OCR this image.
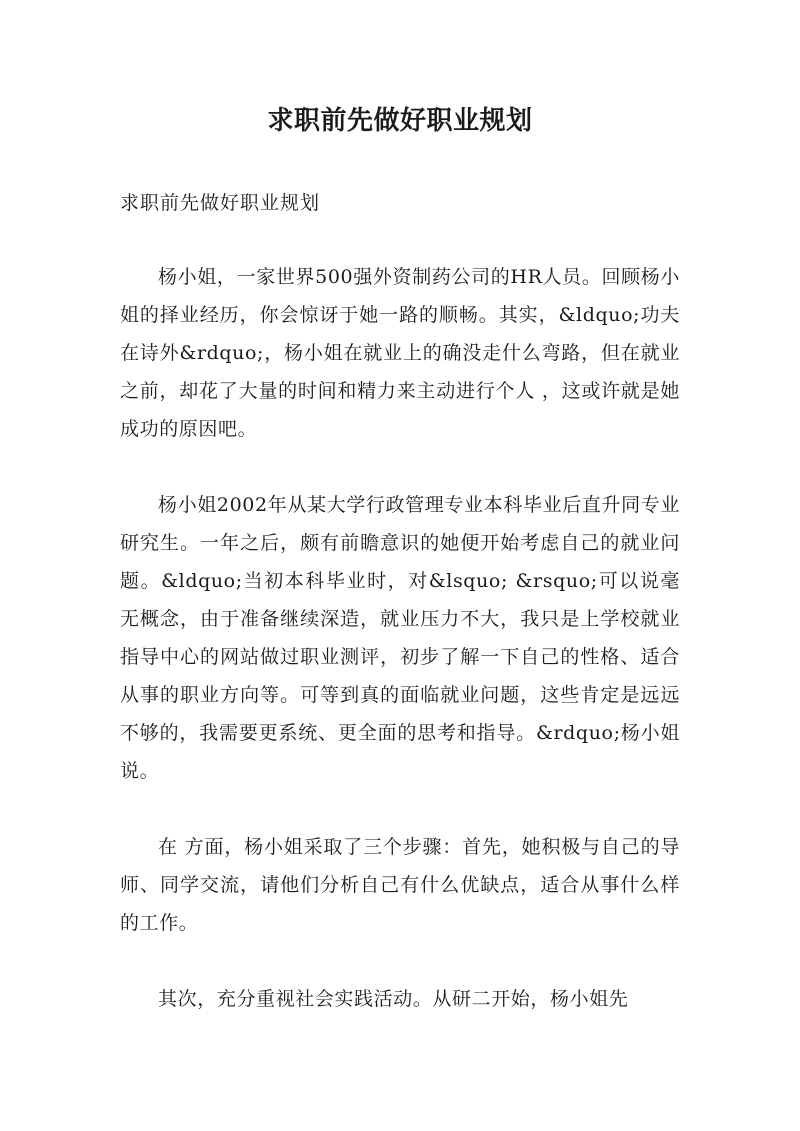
求职前先做好职业规划

求职前先做好职业规划

杨小姐，一家世界500强外资制药公司的HR人员。回顾杨小姐的择业经历，你会惊讶于她一路的顺畅。其实，&ldquo;功夫在诗外&rdquo;，杨小姐在就业上的确没走什么弯路，但在就业之前，却花了大量的时间和精力来主动进行个人 ，这或许就是她成功的原因吧。

杨小姐2002年从某大学行政管理专业本科毕业后直升同专业研究生。一年之后，颇有前瞻意识的她便开始考虑自己的就业问题。&ldquo;当初本科毕业时，对&lsquo; &rsquo;可以说毫无概念，由于准备继续深造，就业压力不大，我只是上学校就业指导中心的网站做过职业测评，初步了解一下自己的性格、适合从事的职业方向等。可等到真的面临就业问题，这些肯定是远远不够的，我需要更系统、更全面的思考和指导。&rdquo;杨小姐说。

在 方面，杨小姐采取了三个步骤：首先，她积极与自己的导师、同学交流，请他们分析自己有什么优缺点，适合从事什么样的工作。

其次，充分重视社会实践活动。从研二开始，杨小姐先
